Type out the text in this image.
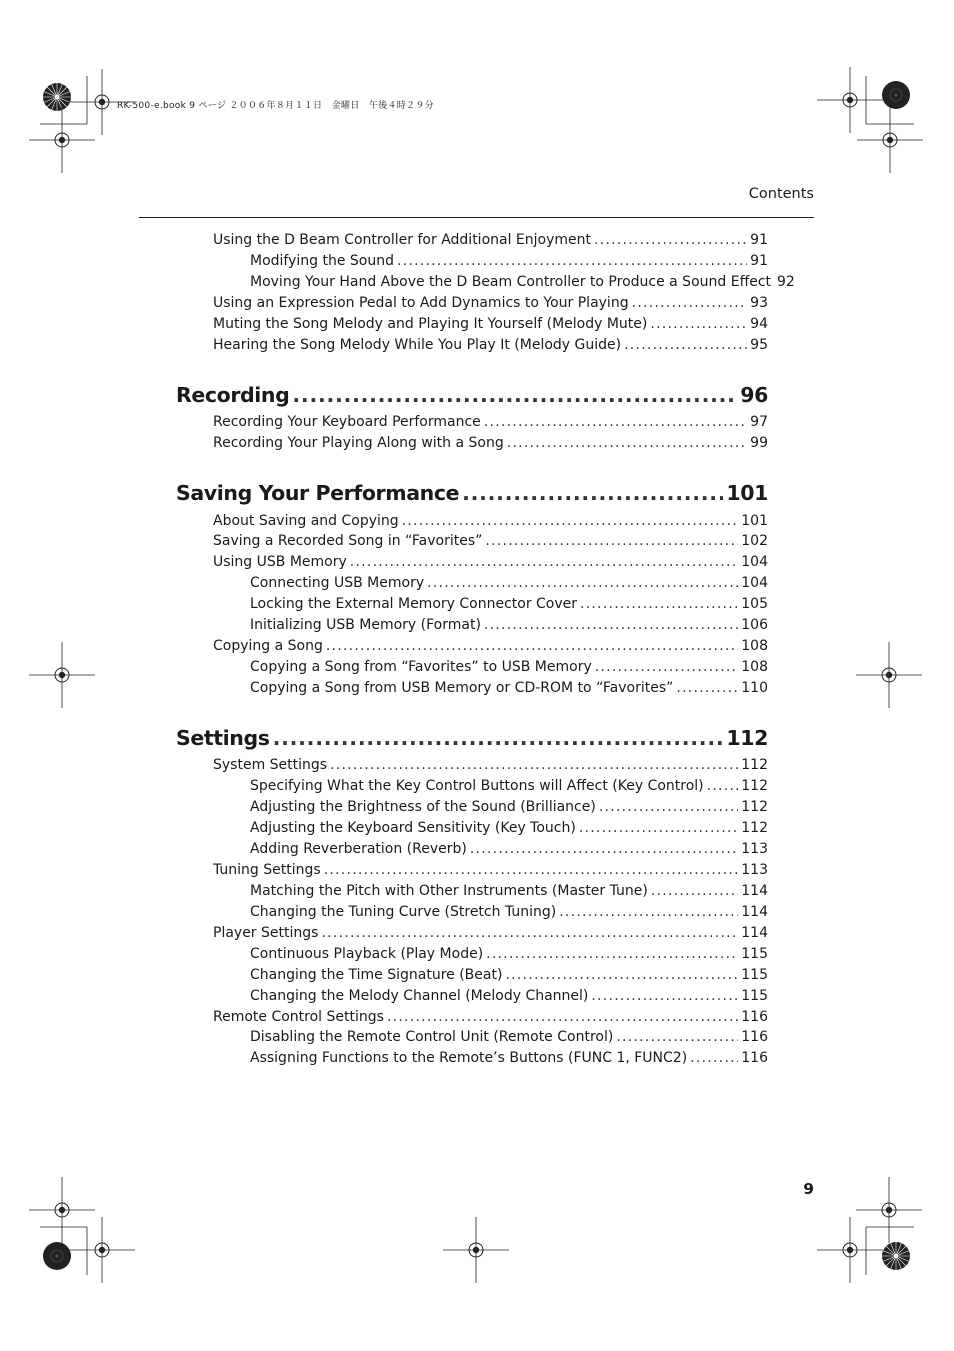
RK-500-e.book 9 ページ ２００６年８月１１日　金曜日　午後４時２９分
Contents
Using the D Beam Controller for Additional Enjoyment . . .	91
Modifying the Sound . . .	91
Moving Your Hand Above the D Beam Controller to Produce a Sound Effect 92
Using an Expression Pedal to Add Dynamics to Your Playing . . .	93
Muting the Song Melody and Playing It Yourself (Melody Mute) . . .	94
Hearing the Song Melody While You Play It (Melody Guide) . . .	95
Recording . . .	96
Recording Your Keyboard Performance . . .	97
Recording Your Playing Along with a Song . . .	99
Saving Your Performance . . .	101
About Saving and Copying . . .	101
Saving a Recorded Song in “Favorites” . . .	102
Using USB Memory . . .	104
Connecting USB Memory . . .	104
Locking the External Memory Connector Cover . . .	105
Initializing USB Memory (Format) . . .	106
Copying a Song . . .	108
Copying a Song from “Favorites” to USB Memory . . .	108
Copying a Song from USB Memory or CD-ROM to “Favorites” . . .	110
Settings . . .	112
System Settings . . .	112
Specifying What the Key Control Buttons will Affect (Key Control) . . .	112
Adjusting the Brightness of the Sound (Brilliance) . . .	112
Adjusting the Keyboard Sensitivity (Key Touch) . . .	112
Adding Reverberation (Reverb) . . .	113
Tuning Settings . . .	113
Matching the Pitch with Other Instruments (Master Tune) . . .	114
Changing the Tuning Curve (Stretch Tuning) . . .	114
Player Settings . . .	114
Continuous Playback (Play Mode) . . .	115
Changing the Time Signature (Beat) . . .	115
Changing the Melody Channel (Melody Channel) . . .	115
Remote Control Settings . . .	116
Disabling the Remote Control Unit (Remote Control) . . .	116
Assigning Functions to the Remote’s Buttons (FUNC 1, FUNC2) . . .	116
9
